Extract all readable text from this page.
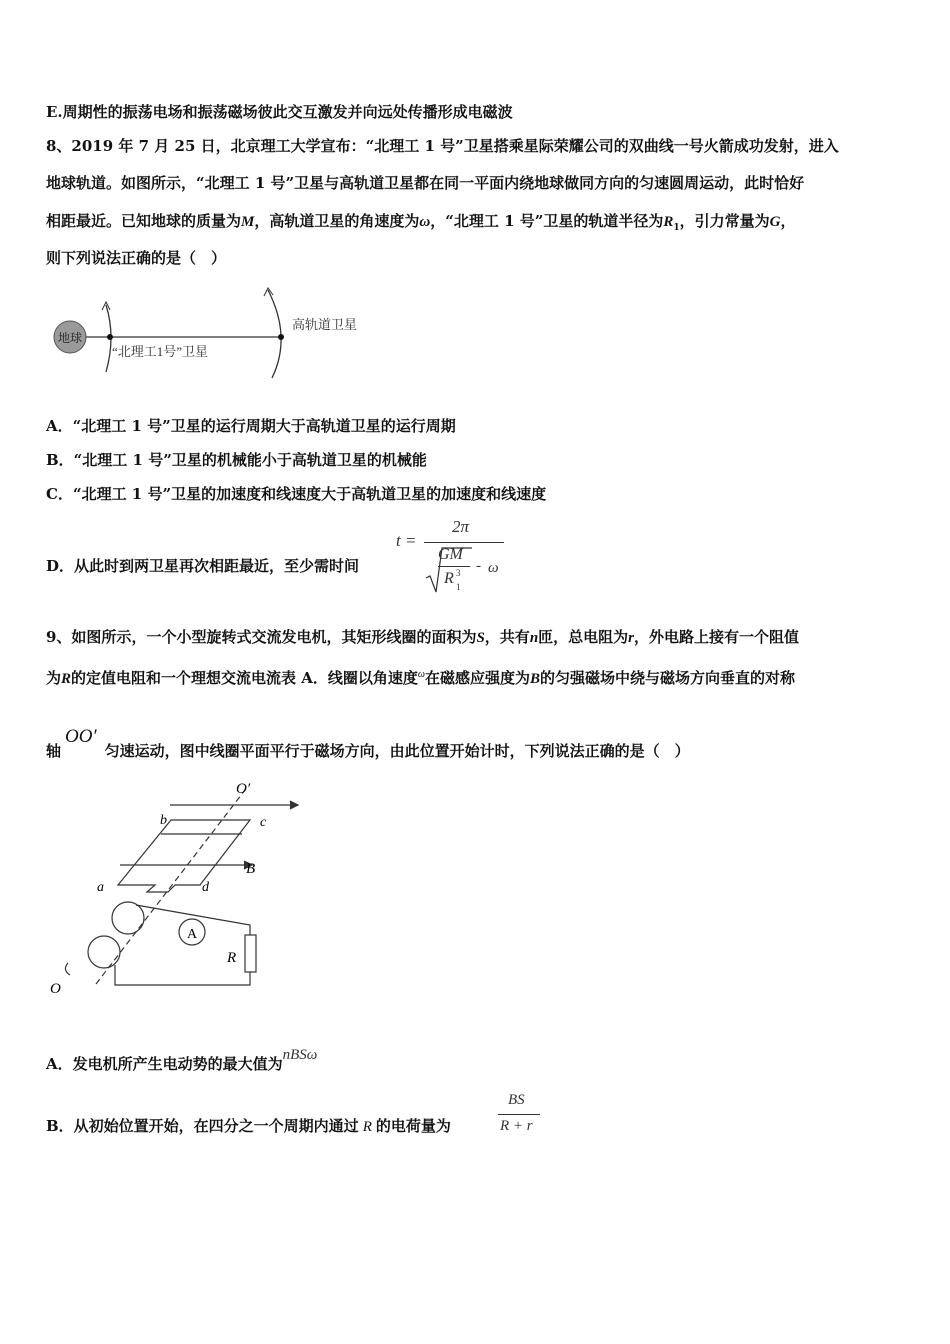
E.周期性的振荡电场和振荡磁场彼此交互激发并向远处传播形成电磁波
8、2019 年 7 月 25 日，北京理工大学宣布：“北理工 1 号”卫星搭乘星际荣耀公司的双曲线一号火箭成功发射，进入
地球轨道。如图所示，“北理工 1 号”卫星与高轨道卫星都在同一平面内绕地球做同方向的匀速圆周运动，此时恰好
相距最近。已知地球的质量为M，高轨道卫星的角速度为ω，“北理工 1 号”卫星的轨道半径为$R_1$，引力常量为G，
则下列说法正确的是（　）
地球
高轨道卫星
“北理工1号”卫星
A．“北理工 1 号”卫星的运行周期大于高轨道卫星的运行周期
B．“北理工 1 号”卫星的机械能小于高轨道卫星的机械能
C．“北理工 1 号”卫星的加速度和线速度大于高轨道卫星的加速度和线速度
D．从此时到两卫星再次相距最近，至少需时间
t =
2π
GM
R 3
1
- ω
9、如图所示，一个小型旋转式交流发电机，其矩形线圈的面积为S，共有n匝，总电阻为r，外电路上接有一个阻值
为R的定值电阻和一个理想交流电流表 A．线圈以角速度$^\omega$在磁感应强度为B的匀强磁场中绕与磁场方向垂直的对称
轴OO′匀速运动，图中线圈平面平行于磁场方向，由此位置开始计时，下列说法正确的是（　）
O′
b	c
B
a	d
A
R
O
A．发电机所产生电动势的最大值为nBSω
B．从初始位置开始，在四分之一个周期内通过 R 的电荷量为
BS
R + r
